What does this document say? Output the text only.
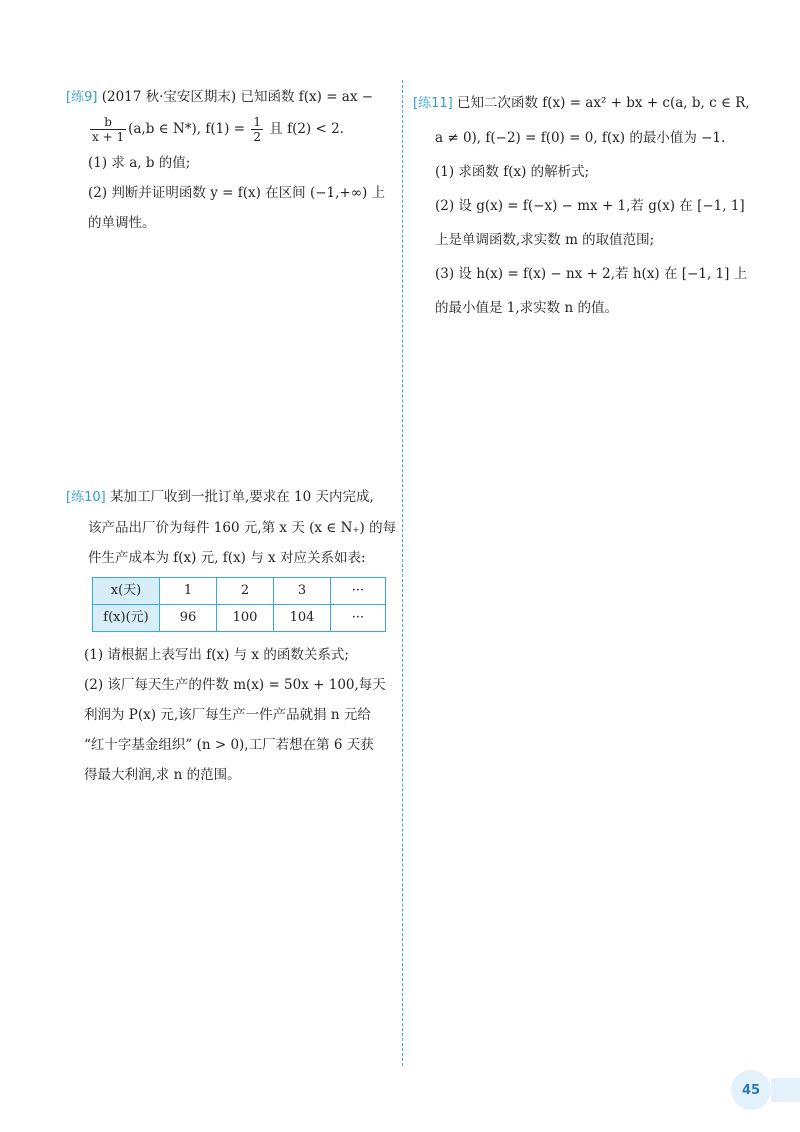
[练9] (2017 秋·宝安区期末) 已知函数 f(x) = ax −
$\frac{b}{x + 1} (a,b$ ∈ N*), $f(1) = \frac{1}{2}$ 且 f(2) < 2.
(1) 求 a, b 的值;
(2) 判断并证明函数 y = f(x) 在区间 (−1,+∞) 上
的单调性。
[练10] 某加工厂收到一批订单,要求在 10 天内完成,
该产品出厂价为每件 160 元,第 x 天 (x ∈ N₊) 的每
件生产成本为 f(x) 元, f(x) 与 x 对应关系如表:
x(天)	1	2	3	···
f(x)(元)	96	100	104	···
(1) 请根据上表写出 f(x) 与 x 的函数关系式;
(2) 该厂每天生产的件数 m(x) = 50x + 100,每天
利润为 P(x) 元,该厂每生产一件产品就捐 n 元给
“红十字基金组织” (n > 0),工厂若想在第 6 天获
得最大利润,求 n 的范围。
[练11] 已知二次函数 f(x) = ax² + bx + c(a, b, c ∈ R,
a ≠ 0), f(−2) = f(0) = 0, f(x) 的最小值为 −1.
(1) 求函数 f(x) 的解析式;
(2) 设 g(x) = f(−x) − mx + 1,若 g(x) 在 [−1, 1]
上是单调函数,求实数 m 的取值范围;
(3) 设 h(x) = f(x) − nx + 2,若 h(x) 在 [−1, 1] 上
的最小值是 1,求实数 n 的值。
45
